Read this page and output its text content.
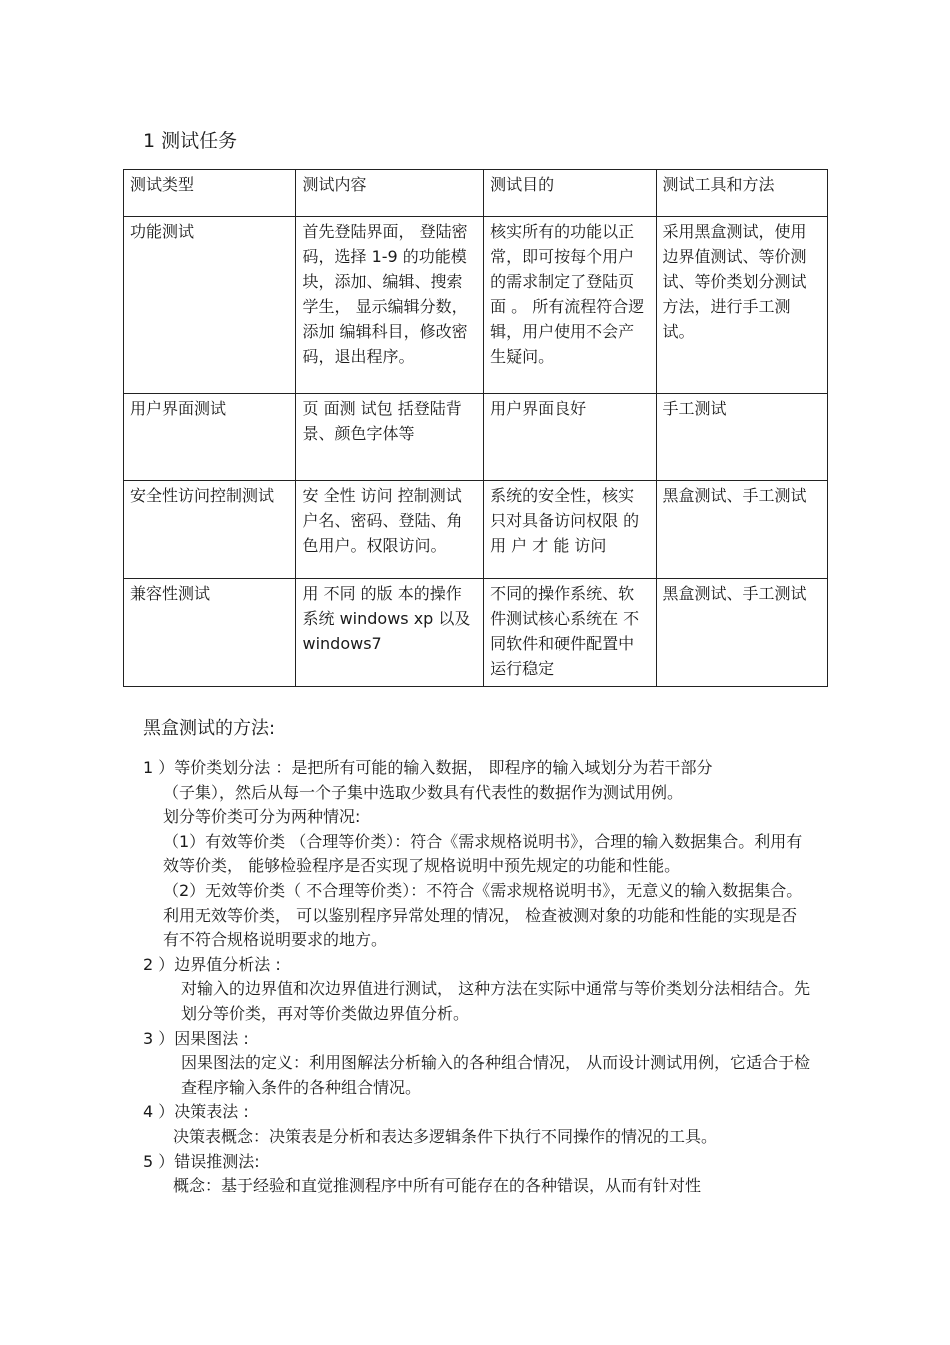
1 测试任务
测试类型	测试内容	测试目的	测试工具和方法
功能测试	首先登陆界面， 登陆密码，选择 1-9 的功能模块，添加、编辑、搜索学生， 显示编辑分数， 添加 编辑科目，修改密码，退出程序。	核实所有的功能以正常，即可按每个用户的需求制定了登陆页面 。 所有流程符合逻辑，用户使用不会产生疑问。	采用黑盒测试，使用边界值测试、等价测试、等价类划分测试方法，进行手工测试。
用户界面测试	页 面测 试包 括登陆背景、颜色字体等	用户界面良好	手工测试
安全性访问控制测试	安 全性 访问 控制测试 户名、密码、登陆、角色用户。权限访问。	系统的安全性，核实只对具备访问权限 的 用 户 才 能 访问	黑盒测试、手工测试
兼容性测试	用 不同 的版 本的操作 系统 windows xp 以及 windows7	不同的操作系统、软件测试核心系统在 不同软件和硬件配置中运行稳定	黑盒测试、手工测试
黑盒测试的方法:

1 ）等价类划分法 ：是把所有可能的输入数据， 即程序的输入域划分为若干部分

（子集），然后从每一个子集中选取少数具有代表性的数据作为测试用例。

划分等价类可分为两种情况:

（1）有效等价类 （合理等价类）：符合《需求规格说明书》，合理的输入数据集合。利用有效等价类， 能够检验程序是否实现了规格说明中预先规定的功能和性能。

（2）无效等价类（ 不合理等价类）：不符合《需求规格说明书》，无意义的输入数据集合。利用无效等价类， 可以鉴别程序异常处理的情况， 检查被测对象的功能和性能的实现是否有不符合规格说明要求的地方。

2 ）边界值分析法 :

对输入的边界值和次边界值进行测试， 这种方法在实际中通常与等价类划分法相结合。先划分等价类，再对等价类做边界值分析。

3 ）因果图法 :

因果图法的定义：利用图解法分析输入的各种组合情况， 从而设计测试用例，它适合于检查程序输入条件的各种组合情况。

4 ）决策表法 :

决策表概念：决策表是分析和表达多逻辑条件下执行不同操作的情况的工具。

5 ）错误推测法:

概念：基于经验和直觉推测程序中所有可能存在的各种错误，从而有针对性
